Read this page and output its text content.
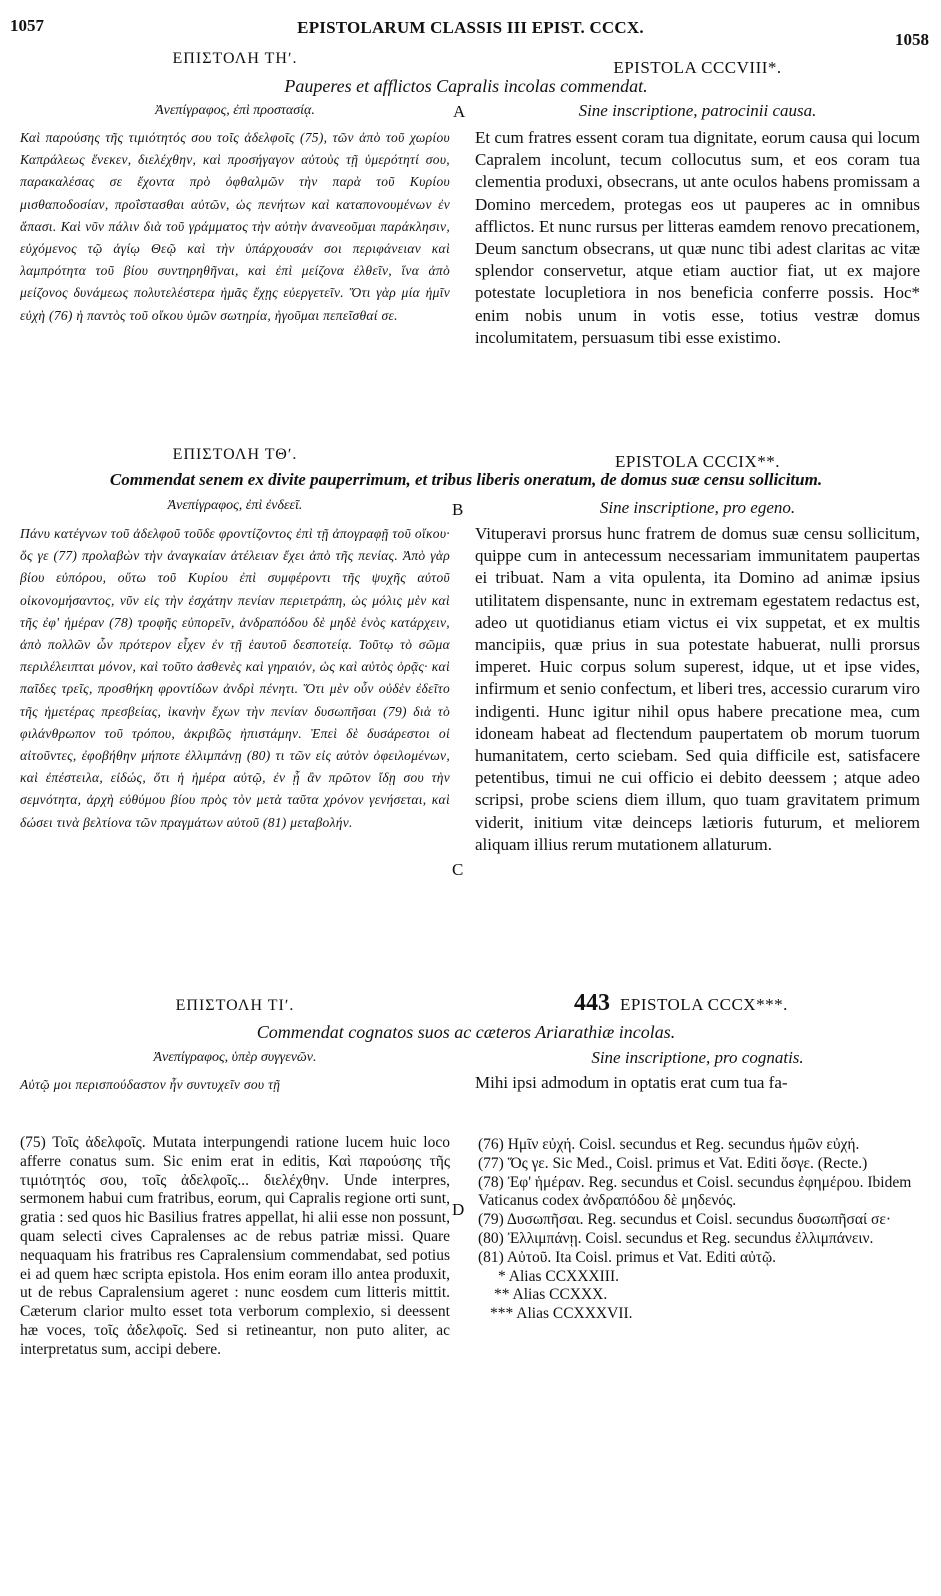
1057	EPISTOLARUM CLASSIS III EPIST. CCCX.
1058
ΕΠΙΣΤΟΛΗ ΤΗʹ.	EPISTOLA CCCVIII*.
Pauperes et afflictos Capralis incolas commendat.
Ἀνεπίγραφος, ἐπὶ προστασίᾳ.	A	Sine inscriptione, patrocinii causa.
Καὶ παρούσης τῆς τιμιότητός σου τοῖς ἀδελφοῖς (75), τῶν ἀπὸ τοῦ χωρίου Καπράλεως ἕνεκεν, διελέχθην, καὶ προσήγαγον αὐτοὺς τῇ ὑμερότητί σου, παρακαλέσας σε ἔχοντα πρὸ ὀφθαλμῶν τὴν παρὰ τοῦ Κυρίου μισθαποδοσίαν, προΐστασθαι αὐτῶν, ὡς πενήτων καὶ καταπονουμένων ἐν ἅπασι. Καὶ νῦν πάλιν διὰ τοῦ γράμματος τὴν αὐτὴν ἀνανεοῦμαι παράκλησιν, εὐχόμενος τῷ ἁγίῳ Θεῷ καὶ τὴν ὑπάρχουσάν σοι περιφάνειαν καὶ λαμπρότητα τοῦ βίου συντηρηθῆναι, καὶ ἐπὶ μείζονα ἐλθεῖν, ἵνα ἀπὸ μείζονος δυνάμεως πολυτελέστερα ἡμᾶς ἔχῃς εὐεργετεῖν. Ὅτι γὰρ μία ἡμῖν εὐχὴ (76) ἡ παντὸς τοῦ οἴκου ὑμῶν σωτηρία, ἡγοῦμαι πεπεῖσθαί σε.
Et cum fratres essent coram tua dignitate, eorum causa qui locum Capralem incolunt, tecum collocutus sum, et eos coram tua clementia produxi, obsecrans, ut ante oculos habens promissam a Domino mercedem, protegas eos ut pauperes ac in omnibus afflictos. Et nunc rursus per litteras eamdem renovo precationem, Deum sanctum obsecrans, ut quæ nunc tibi adest claritas ac vitæ splendor conservetur, atque etiam auctior fiat, ut ex majore potestate locupletiora in nos beneficia conferre possis. Hoc* enim nobis unum in votis esse, totius vestræ domus incolumitatem, persuasum tibi esse existimo.
ΕΠΙΣΤΟΛΗ ΤΘʹ.	EPISTOLA CCCIX**.
Commendat senem ex divite pauperrimum, et tribus liberis oneratum, de domus suæ censu sollicitum.
Ἀνεπίγραφος, ἐπὶ ἐνδεεῖ.	B	Sine inscriptione, pro egeno.
Πάνυ κατέγνων τοῦ ἀδελφοῦ τοῦδε φροντίζοντος ἐπὶ τῇ ἀπογραφῇ τοῦ οἴκου· ὅς γε (77) προλαβὼν τὴν ἀναγκαίαν ἀτέλειαν ἔχει ἀπὸ τῆς πενίας. Ἀπὸ γὰρ βίου εὐπόρου, οὕτω τοῦ Κυρίου ἐπὶ συμφέροντι τῆς ψυχῆς αὐτοῦ οἰκονομήσαντος, νῦν εἰς τὴν ἐσχάτην πενίαν περιετράπη, ὡς μόλις μὲν καὶ τῆς ἐφ' ἡμέραν (78) τροφῆς εὐπορεῖν, ἀνδραπόδου δὲ μηδὲ ἑνὸς κατάρχειν, ἀπὸ πολλῶν ὧν πρότερον εἶχεν ἐν τῇ ἑαυτοῦ δεσποτείᾳ. Τοῦτῳ τὸ σῶμα περιλέλειπται μόνον, καὶ τοῦτο ἀσθενὲς καὶ γηραιόν, ὡς καὶ αὐτὸς ὁρᾷς· καὶ παῖδες τρεῖς, προσθήκη φροντίδων ἀνδρὶ πένητι. Ὅτι μὲν οὖν οὐδὲν ἐδεῖτο τῆς ἡμετέρας πρεσβείας, ἱκανὴν ἔχων τὴν πενίαν δυσωπῆσαι (79) διὰ τὸ φιλάνθρωπον τοῦ τρόπου, ἀκριβῶς ἠπιστάμην. Ἐπεὶ δὲ δυσάρεστοι οἱ αἰτοῦντες, ἐφοβήθην μήποτε ἐλλιμπάνῃ (80) τι τῶν εἰς αὐτὸν ὀφειλομένων, καὶ ἐπέστειλα, εἰδώς, ὅτι ἡ ἡμέρα αὐτῷ, ἐν ᾗ ἂν πρῶτον ἴδῃ σου τὴν σεμνότητα, ἀρχὴ εὐθύμου βίου πρὸς τὸν μετὰ ταῦτα χρόνον γενήσεται, καὶ δώσει τινὰ βελτίονα τῶν πραγμάτων αὐτοῦ (81) μεταβολήν.
C
Vituperavi prorsus hunc fratrem de domus suæ censu sollicitum, quippe cum in antecessum necessariam immunitatem paupertas ei tribuat. Nam a vita opulenta, ita Domino ad animæ ipsius utilitatem dispensante, nunc in extremam egestatem redactus est, adeo ut quotidianus etiam victus ei vix suppetat, et ex multis mancipiis, quæ prius in sua potestate habuerat, nulli prorsus imperet. Huic corpus solum superest, idque, ut et ipse vides, infirmum et senio confectum, et liberi tres, accessio curarum viro indigenti. Hunc igitur nihil opus habere precatione mea, cum idoneam habeat ad flectendum paupertatem ob morum tuorum humanitatem, certo sciebam. Sed quia difficile est, satisfacere petentibus, timui ne cui officio ei debito deessem ; atque adeo scripsi, probe sciens diem illum, quo tuam gravitatem primum viderit, initium vitæ deinceps lætioris futurum, et meliorem aliquam illius rerum mutationem allaturum.
ΕΠΙΣΤΟΛΗ ΤΙʹ.	443 EPISTOLA CCCX***.
Commendat cognatos suos ac cæteros Ariarathiæ incolas.
Ἀνεπίγραφος, ὑπὲρ συγγενῶν.	Sine inscriptione, pro cognatis.
Αὐτῷ μοι περισπούδαστον ἦν συντυχεῖν σου τῇ	Mihi ipsi admodum in optatis erat cum tua fa-
(75) Τοῖς ἀδελφοῖς. Mutata interpungendi ratione lucem huic loco afferre conatus sum. Sic enim erat in editis, Καὶ παρούσης τῆς τιμιότητός σου, τοῖς ἀδελφοῖς... διελέχθην. Unde interpres, sermonem habui cum fratribus, eorum, qui Capralis regione orti sunt, gratia : sed quos hic Basilius fratres appellat, hi alii esse non possunt, quam selecti cives Capralenses ac de rebus patriæ missi. Quare nequaquam his fratribus res Capralensium commendabat, sed potius ei ad quem hæc scripta epistola. Hos enim eoram illo antea produxit, ut de rebus Capralensium ageret : nunc eosdem cum litteris mittit. Cæterum clarior multo esset tota verborum complexio, si deessent hæ voces, τοῖς ἀδελφοῖς. Sed si retineantur, non puto aliter, ac interpretatus sum, accipi debere.
D
(76) Ημῖν εὐχή. Coisl. secundus et Reg. secundus ἡμῶν εὐχή.
(77) Ὅς γε. Sic Med., Coisl. primus et Vat. Editi ὅσγε. (Recte.)
(78) Ἐφ' ἡμέραν. Reg. secundus et Coisl. secundus ἐφημέρου. Ibidem Vaticanus codex ἀνδραπόδου δὲ μηδενός.
(79) Δυσωπῆσαι. Reg. secundus et Coisl. secundus δυσωπῆσαί σε·
(80) Ἐλλιμπάνῃ. Coisl. secundus et Reg. secundus ἐλλιμπάνειν.
(81) Αὐτοῦ. Ita Coisl. primus et Vat. Editi αὐτῷ.
* Alias CCXXXIII.
** Alias CCXXX.
*** Alias CCXXXVII.
